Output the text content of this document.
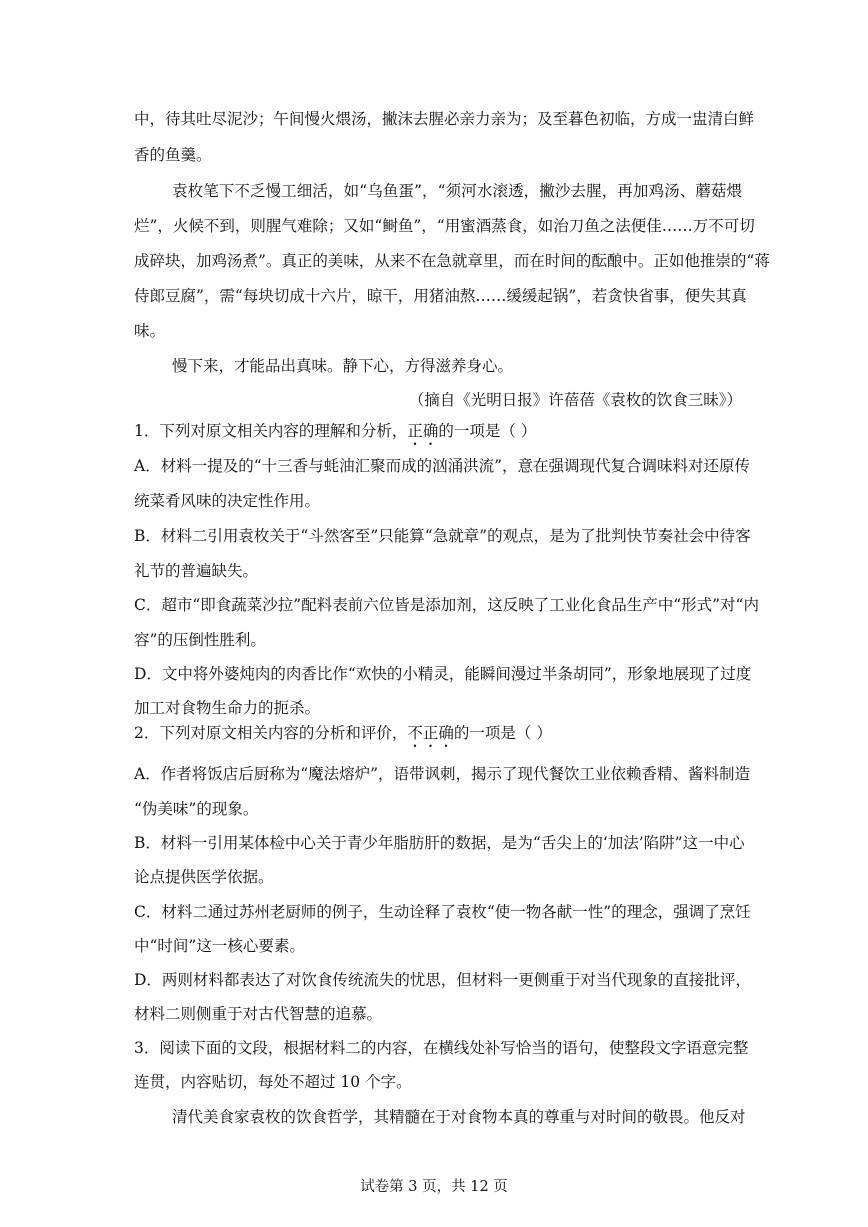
中，待其吐尽泥沙；午间慢火煨汤，撇沫去腥必亲力亲为；及至暮色初临，方成一盅清白鲜
香的鱼羹。
袁枚笔下不乏慢工细活，如“乌鱼蛋”，“须河水滚透，撇沙去腥，再加鸡汤、蘑菇煨
烂”，火候不到，则腥气难除；又如“鲥鱼”，“用蜜酒蒸食，如治刀鱼之法便佳……万不可切
成碎块，加鸡汤煮”。真正的美味，从来不在急就章里，而在时间的酝酿中。正如他推崇的“蒋
侍郎豆腐”，需“每块切成十六片，晾干，用猪油熬……缓缓起锅”，若贪快省事，便失其真
味。
慢下来，才能品出真味。静下心，方得滋养身心。
（摘自《光明日报》许蓓蓓《袁枚的饮食三昧》）
1．下列对原文相关内容的理解和分析，正确的一项是（ ）
A．材料一提及的“十三香与蚝油汇聚而成的汹涌洪流”，意在强调现代复合调味料对还原传
统菜肴风味的决定性作用。
B．材料二引用袁枚关于“斗然客至”只能算“急就章”的观点，是为了批判快节奏社会中待客
礼节的普遍缺失。
C．超市“即食蔬菜沙拉”配料表前六位皆是添加剂，这反映了工业化食品生产中“形式”对“内
容”的压倒性胜利。
D．文中将外婆炖肉的肉香比作“欢快的小精灵，能瞬间漫过半条胡同”，形象地展现了过度
加工对食物生命力的扼杀。
2．下列对原文相关内容的分析和评价，不正确的一项是（ ）
A．作者将饭店后厨称为“魔法熔炉”，语带讽刺，揭示了现代餐饮工业依赖香精、酱料制造
“伪美味”的现象。
B．材料一引用某体检中心关于青少年脂肪肝的数据，是为“舌尖上的‘加法’陷阱”这一中心
论点提供医学依据。
C．材料二通过苏州老厨师的例子，生动诠释了袁枚“使一物各献一性”的理念，强调了烹饪
中“时间”这一核心要素。
D．两则材料都表达了对饮食传统流失的忧思，但材料一更侧重于对当代现象的直接批评，
材料二则侧重于对古代智慧的追慕。
3．阅读下面的文段，根据材料二的内容，在横线处补写恰当的语句，使整段文字语意完整
连贯，内容贴切，每处不超过 10 个字。
清代美食家袁枚的饮食哲学，其精髓在于对食物本真的尊重与对时间的敬畏。他反对
试卷第 3 页，共 12 页
